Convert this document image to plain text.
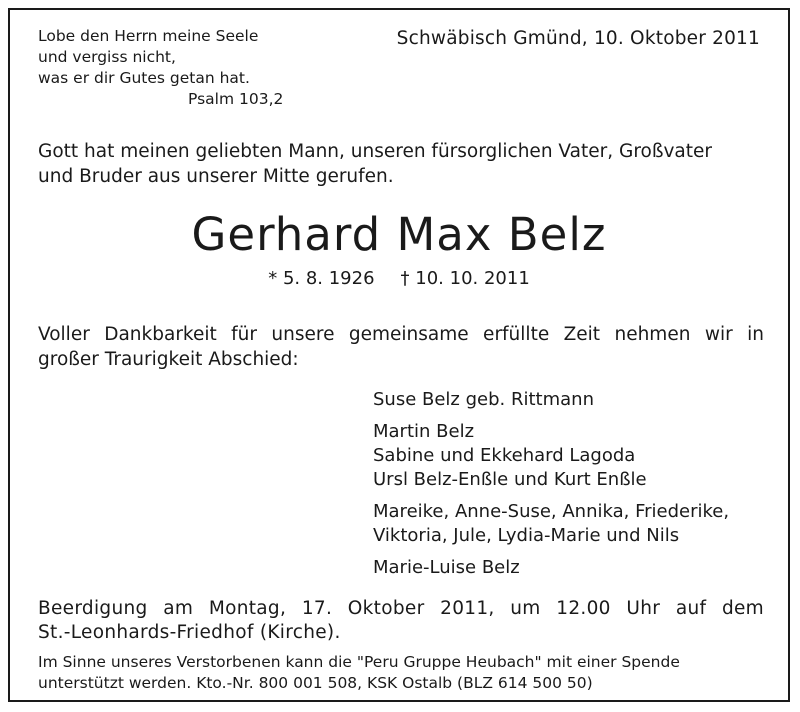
Lobe den Herrn meine Seele
und vergiss nicht,
was er dir Gutes getan hat.
Psalm 103,2
Schwäbisch Gmünd, 10. Oktober 2011
Gott hat meinen geliebten Mann, unseren fürsorglichen Vater, Großvater
und Bruder aus unserer Mitte gerufen.
Gerhard Max Belz
* 5. 8. 1926 † 10. 10. 2011
Voller Dankbarkeit für unsere gemeinsame erfüllte Zeit nehmen wir in
großer Traurigkeit Abschied:
Suse Belz geb. Rittmann
Martin Belz
Sabine und Ekkehard Lagoda
Ursl Belz-Enßle und Kurt Enßle
Mareike, Anne-Suse, Annika, Friederike,
Viktoria, Jule, Lydia-Marie und Nils
Marie-Luise Belz
Beerdigung am Montag, 17. Oktober 2011, um 12.00 Uhr auf dem
St.-Leonhards-Friedhof (Kirche).
Im Sinne unseres Verstorbenen kann die "Peru Gruppe Heubach" mit einer Spende
unterstützt werden. Kto.-Nr. 800 001 508, KSK Ostalb (BLZ 614 500 50)
